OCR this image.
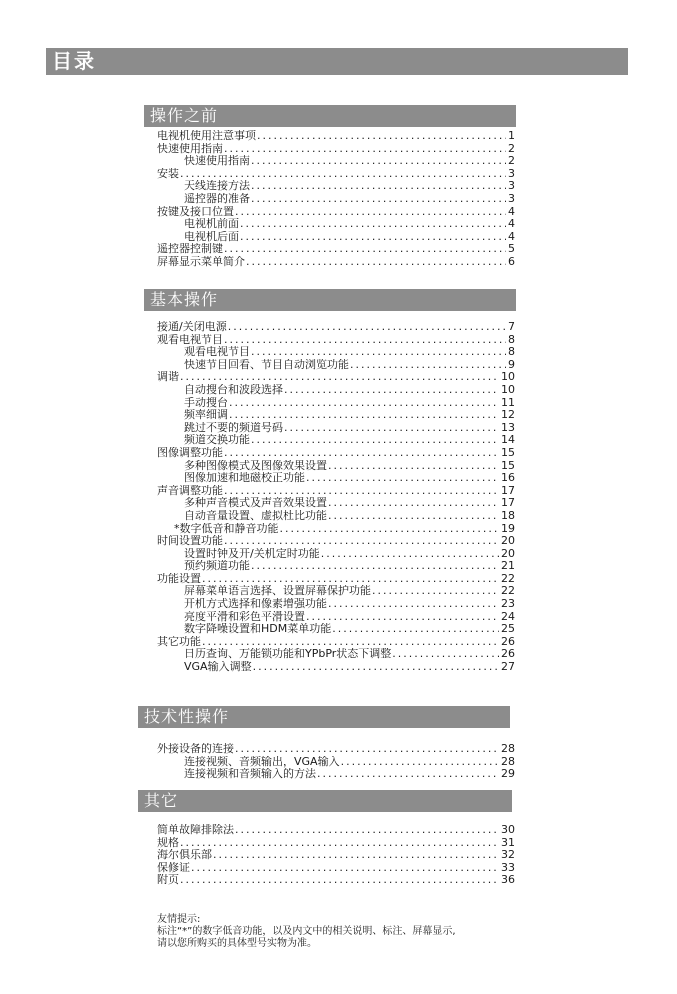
目录
操作之前
电视机使用注意事项 .....	1
快速使用指南 .....	2
快速使用指南 .....	2
安装 .....	3
天线连接方法 .....	3
遥控器的准备 .....	3
按键及接口位置 .....	4
电视机前面 .....	4
电视机后面 .....	4
遥控器控制键 .....	5
屏幕显示菜单简介 .....	6
基本操作
接通/关闭电源 .....	7
观看电视节目 .....	8
观看电视节目 .....	8
快速节目回看、节目自动浏览功能 .....	9
调谐 .....	10
自动搜台和波段选择 .....	10
手动搜台 .....	11
频率细调 .....	12
跳过不要的频道号码 .....	13
频道交换功能 .....	14
图像调整功能 .....	15
多种图像模式及图像效果设置 .....	15
图像加速和地磁校正功能 .....	16
声音调整功能 .....	17
多种声音模式及声音效果设置 .....	17
自动音量设置、虚拟杜比功能 .....	18
*数字低音和静音功能 .....	19
时间设置功能 .....	20
设置时钟及开/关机定时功能 .....	20
预约频道功能 .....	21
功能设置 .....	22
屏幕菜单语言选择、设置屏幕保护功能 .....	22
开机方式选择和像素增强功能 .....	23
亮度平滑和彩色平滑设置 .....	24
数字降噪设置和HDM菜单功能 .....	25
其它功能 .....	26
日历查询、万能锁功能和YPbPr状态下调整 .....	26
VGA输入调整 .....	27
技术性操作
外接设备的连接 .....	28
连接视频、音频输出，VGA输入 .....	28
连接视频和音频输入的方法 .....	29
其它
简单故障排除法 .....	30
规格 .....	31
海尔俱乐部 .....	32
保修证 .....	33
附页 .....	36
友情提示:
标注“*”的数字低音功能，以及内文中的相关说明、标注、屏幕显示,
请以您所购买的具体型号实物为准。
